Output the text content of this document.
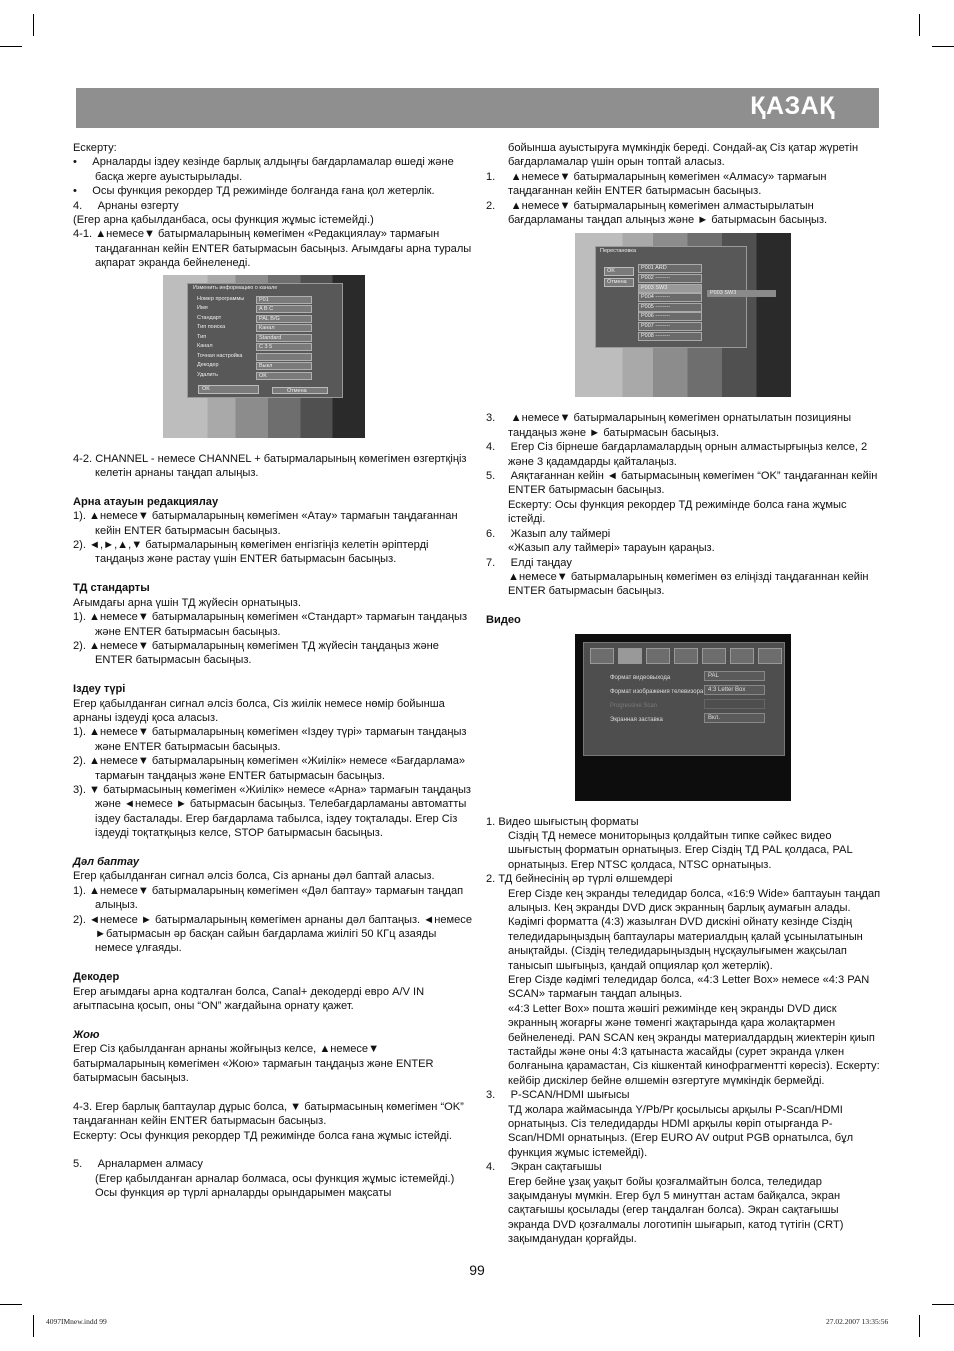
ҚАЗАҚ

Ескерту:

•     Арналарды іздеу кезінде барлық алдыңғы бағдарламалар өшеді және басқа жерге ауыстырылады.

•     Осы функция рекордер ТД режимінде болғанда ғана қол жетерлік.

4.     Арнаны өзгерту

(Егер арна қабылданбаса, осы функция жұмыс істемейді.)

4-1. ▲немесе▼ батырмаларының көмегімен «Редакциялау» тармағын таңдағаннан кейін ENTER батырмасын басыңыз. Ағымдағы арна туралы ақпарат экранда бейнеленеді.

Изменить информацию о канале
Номер программы	P01
Имя	A B C
Стандарт	PAL B/G
Тип поиска	Канал
Тип	Standard
Канал	C 3 5
Точная настройка
Декодер	Выкл
Удалить	OK
OK	Отмена

4-2. CHANNEL - немесе CHANNEL + батырмаларының көмегімен өзгертқіңіз келетін арнаны таңдап алыңыз.

Арна атауын редакциялау

1). ▲немесе▼ батырмаларының көмегімен «Атау» тармағын таңдағаннан кейін ENTER батырмасын басыңыз.

2). ◄,►,▲,▼ батырмаларының көмегімен енгізгіңіз келетін әріптерді таңдаңыз және растау үшін ENTER батырмасын басыңыз.

ТД стандарты

Ағымдағы арна үшін ТД жүйесін орнатыңыз.

1). ▲немесе▼ батырмаларының көмегімен «Стандарт» тармағын таңдаңыз және ENTER батырмасын басыңыз.

2). ▲немесе▼ батырмаларының көмегімен ТД жүйесін таңдаңыз және ENTER батырмасын басыңыз.

Іздеу түрі

Егер қабылданған сигнал әлсіз болса, Сіз жиілік немесе нөмір бойынша арнаны іздеуді қоса аласыз.

1). ▲немесе▼ батырмаларының көмегімен «Іздеу түрі» тармағын таңдаңыз және ENTER батырмасын басыңыз.

2). ▲немесе▼ батырмаларының көмегімен «Жиілік» немесе «Бағдарлама» тармағын таңдаңыз және ENTER батырмасын басыңыз.

3). ▼ батырмасының көмегімен «Жиілік» немесе «Арна» тармағын таңдаңыз және ◄немесе ► батырмасын басыңыз. Телебағдарламаны автоматты іздеу басталады. Егер бағдарлама табылса, іздеу тоқталады. Егер Сіз іздеуді тоқтатқыңыз келсе, STOP батырмасын басыңыз.

Дәл баптау

Егер қабылданған сигнал әлсіз болса, Сіз арнаны дәл баптай аласыз.

1). ▲немесе▼ батырмаларының көмегімен «Дәл баптау» тармағын таңдап алыңыз.

2). ◄немесе ► батырмаларының көмегімен арнаны дәл баптаңыз. ◄немесе ►батырмасын әр басқан сайын бағдарлама жиілігі 50 КГц азаяды немесе ұлғаяды.

Декодер

Егер ағымдағы арна кодталған болса, Canal+ декодерді евро A/V IN ағытпасына қосып, оны “ON” жағдайына орнату қажет.

Жою

Егер Сіз қабылданған арнаны жойғыңыз келсе, ▲немесе▼ батырмаларының көмегімен «Жою» тармағын таңдаңыз және ENTER батырмасын басыңыз.

4-3. Егер барлық баптаулар дұрыс болса, ▼ батырмасының көмегімен “OK” таңдағаннан кейін ENTER батырмасын басыңыз.

Ескерту: Осы функция рекордер ТД режимінде болса ғана жұмыс істейді.

5.     Арналармен алмасу

(Егер қабылданған арналар болмаса, осы функция жұмыс істемейді.)

Осы функция әр түрлі арналарды орындарымен мақсаты

бойынша ауыстыруға мүмкіндік береді. Сондай-ақ Сіз қатар жүретін бағдарламалар үшін орын топтай аласыз.

1.     ▲немесе▼ батырмаларының көмегімен «Алмасу» тармағын таңдағаннан кейін ENTER батырмасын басыңыз.

2.     ▲немесе▼ батырмаларының көмегімен алмастырылатын бағдарламаны таңдап алыңыз және ► батырмасын басыңыз.

Перестановка
OK
Отмена
P001 ARD
P002 --------
P003 SW3
P004 --------
P005 --------
P006 --------
P007 --------
P008 --------
P003 SW3

3.     ▲немесе▼ батырмаларының көмегімен орнатылатын позицияны таңдаңыз және ► батырмасын басыңыз.

4.     Егер Сіз бірнеше бағдарламалардың орнын алмастырғыңыз келсе, 2 және 3 қадамдарды қайталаңыз.

5.     Аяқтағаннан кейін ◄ батырмасының көмегімен “OK” таңдағаннан кейін ENTER батырмасын басыңыз.

Ескерту: Осы функция рекордер ТД режимінде болса ғана жұмыс істейді.

6.     Жазып алу таймері

«Жазып алу таймері» тарауын қараңыз.

7.     Елді таңдау

▲немесе▼ батырмаларының көмегімен өз еліңізді таңдағаннан кейін ENTER батырмасын басыңыз.

Видео

Формат видеовыхода	PAL
Формат изображения телевизора 4:3 Letter Box
Progressive Scan
Экранная заставка	Вкл.

1. Видео шығыстың форматы

Сіздің ТД немесе мониторыңыз қолдайтын типке сәйкес видео шығыстың форматын орнатыңыз. Егер Сіздің ТД PAL қолдаса, PAL орнатыңыз. Егер NTSC қолдаса, NTSC орнатыңыз.

2. ТД бейнесінің әр түрлі өлшемдері

Егер Сізде кең экранды теледидар болса, «16:9 Wide» баптауын таңдап алыңыз. Кең экранды DVD диск экранның барлық аумағын алады. Кәдімгі форматта (4:3) жазылған DVD дискіні ойнату кезінде Сіздің теледидарыңыздың баптаулары материалдың қалай ұсынылатынын анықтайды. (Сіздің теледидарыңыздың нұсқаулығымен жақсылап танысып шығыңыз, қандай опциялар қол жетерлік).

Егер Сізде кәдімгі теледидар болса, «4:3 Letter Box» немесе «4:3 PAN SCAN» тармағын таңдап алыңыз.

«4:3 Letter Box» пошта жәшігі режимінде кең экранды DVD диск экранның жоғарғы және төменгі жақтарында қара жолақтармен бейнеленеді. PAN SCAN кең экранды материалдардың жиектерін қиып тастайды және оны 4:3 қатынаста жасайды (сурет экранда үлкен болғанына қарамастан, Сіз кішкентай кинофрагментті көресіз). Ескерту: кейбір дискілер бейне өлшемін өзгертуге мүмкіндік бермейді.

3.     P-SCAN/HDMI шығысы

ТД жолара жаймасында Y/Pb/Pr қосылысы арқылы P-Scan/HDMI орнатыңыз. Сіз теледидарды HDMI арқылы көріп отырғанда P-Scan/HDMI орнатыңыз. (Егер EURO AV output PGB орнатылса, бұл функция жұмыс істемейді).

4.     Экран сақтағышы

Егер бейне ұзақ уақыт бойы қозғалмайтын болса, теледидар зақымдануы мүмкін. Егер бұл 5 минуттан астам байқалса, экран сақтағышы қосылады (егер таңдалған болса). Экран сақтағышы экранда DVD қозғалмалы логотипін шығарып, катод түтігін (CRT) зақымданудан қорғайды.

99
4097IMnew.indd 99	27.02.2007 13:35:56
